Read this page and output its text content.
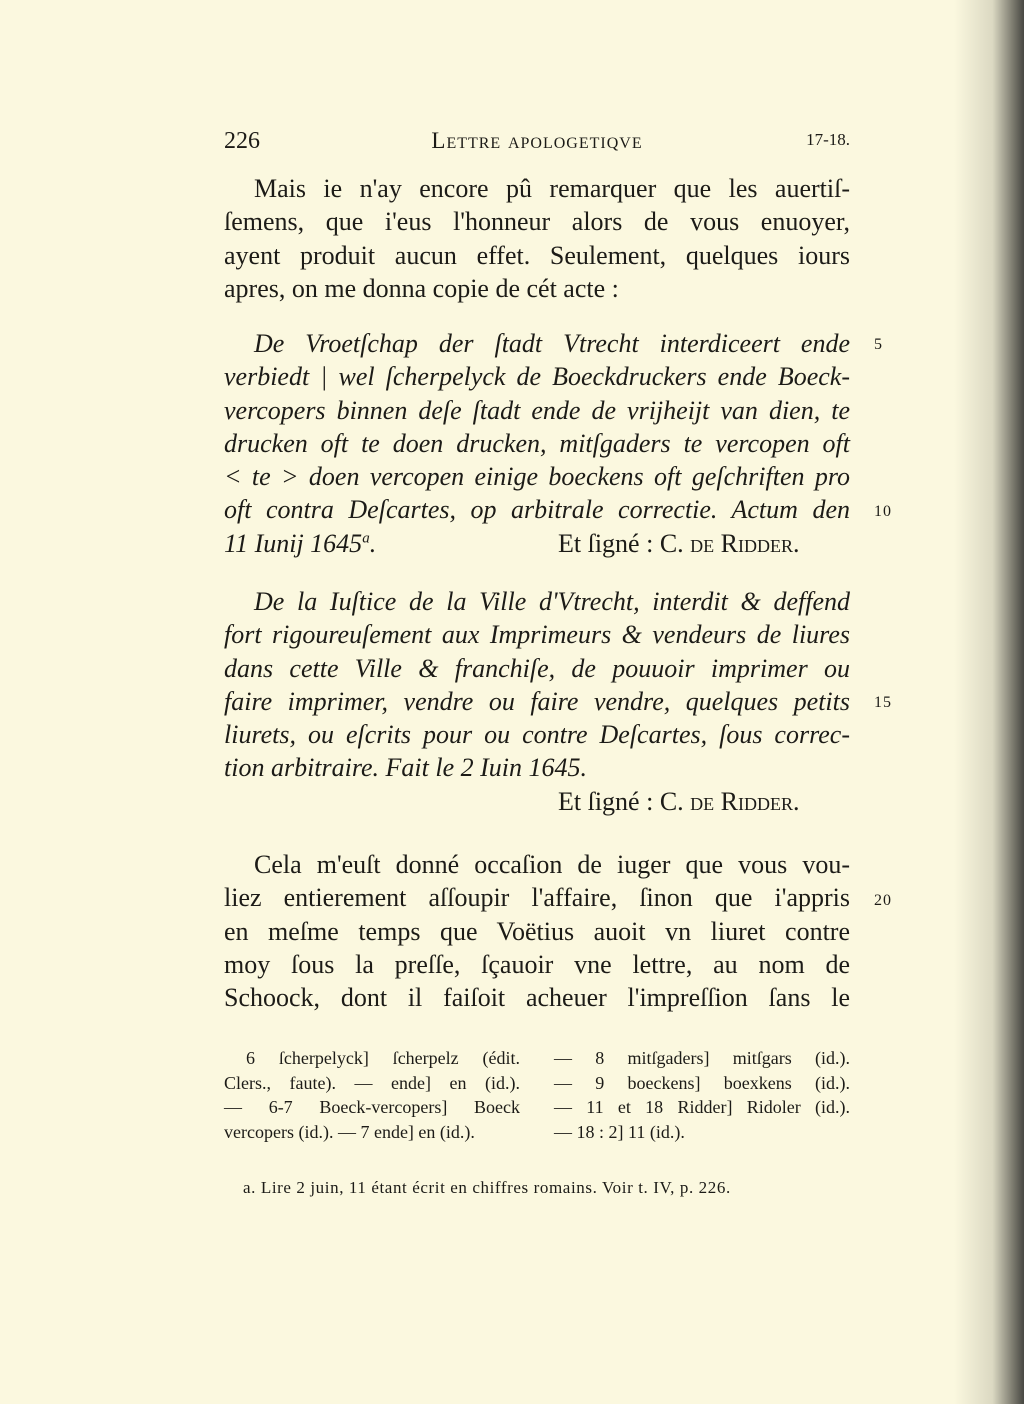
226	Lettre apologetiqve	17-18.
Mais ie n'ay encore pû remarquer que les auertiſ-
ſemens, que i'eus l'honneur alors de vous enuoyer,
ayent produit aucun effet. Seulement, quelques iours
apres, on me donna copie de cét acte :
De Vroetſchap der ſtadt Vtrecht interdiceert ende
verbiedt | wel ſcherpelyck de Boeckdruckers ende Boeck-
vercopers binnen deſe ſtadt ende de vrijheijt van dien, te
drucken oft te doen drucken, mitſgaders te vercopen oft
< te > doen vercopen einige boeckens oft geſchriften pro
oft contra Deſcartes, op arbitrale correctie. Actum den
11 Iunij 1645$^a$.	Et ſigné : C. de Ridder.
De la Iuſtice de la Ville d'Vtrecht, interdit & deffend
fort rigoureuſement aux Imprimeurs & vendeurs de liures
dans cette Ville & franchiſe, de pouuoir imprimer ou
faire imprimer, vendre ou faire vendre, quelques petits
liurets, ou eſcrits pour ou contre Deſcartes, ſous correc-
tion arbitraire. Fait le 2 Iuin 1645.
Et ſigné : C. de Ridder.
Cela m'euſt donné occaſion de iuger que vous vou-
liez entierement aſſoupir l'affaire, ſinon que i'appris
en meſme temps que Voëtius auoit vn liuret contre
moy ſous la preſſe, ſçauoir vne lettre, au nom de
Schoock, dont il faiſoit acheuer l'impreſſion ſans le
5
10
15
20
6 ſcherpelyck] ſcherpelz (édit.
Clers., faute). — ende] en (id.).
— 6-7 Boeck-vercopers] Boeck
vercopers (id.). — 7 ende] en (id.).
— 8 mitſgaders] mitſgars (id.).
— 9 boeckens] boexkens (id.).
— 11 et 18 Ridder] Ridoler (id.).
— 18 : 2] 11 (id.).
a. Lire 2 juin, 11 étant écrit en chiffres romains. Voir t. IV, p. 226.
